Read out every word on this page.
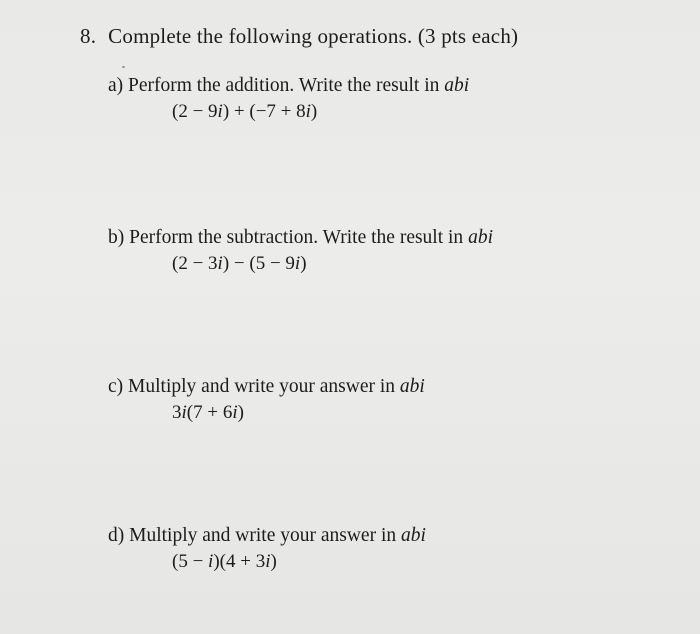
8. Complete the following operations. (3 pts each)
a) Perform the addition. Write the result in abi
(2 − 9i) + (−7 + 8i)
b) Perform the subtraction. Write the result in abi
(2 − 3i) − (5 − 9i)
c) Multiply and write your answer in abi
3i(7 + 6i)
d) Multiply and write your answer in abi
(5 − i)(4 + 3i)
